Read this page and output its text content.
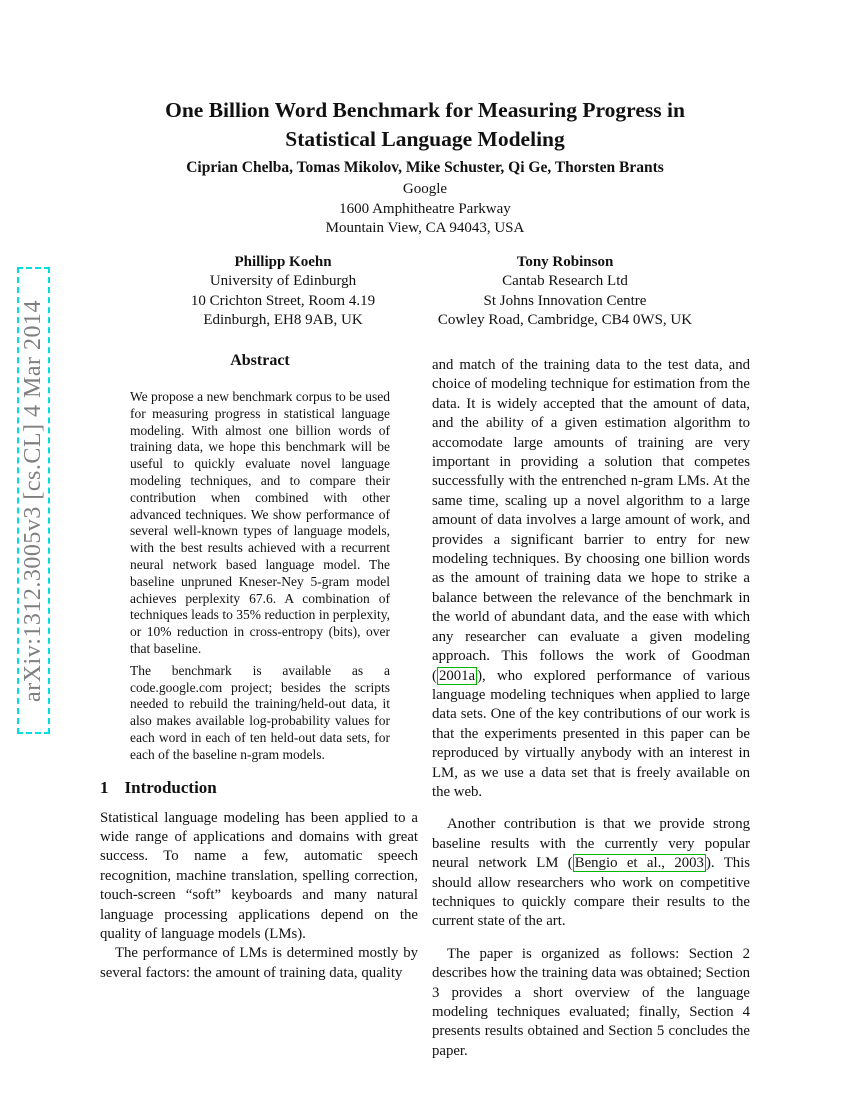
arXiv:1312.3005v3 [cs.CL] 4 Mar 2014
One Billion Word Benchmark for Measuring Progress in Statistical Language Modeling
Ciprian Chelba, Tomas Mikolov, Mike Schuster, Qi Ge, Thorsten Brants
Google
1600 Amphitheatre Parkway
Mountain View, CA 94043, USA
Phillipp Koehn
University of Edinburgh
10 Crichton Street, Room 4.19
Edinburgh, EH8 9AB, UK
Tony Robinson
Cantab Research Ltd
St Johns Innovation Centre
Cowley Road, Cambridge, CB4 0WS, UK
Abstract

We propose a new benchmark corpus to be used for measuring progress in statistical language modeling. With almost one billion words of training data, we hope this benchmark will be useful to quickly evaluate novel language modeling techniques, and to compare their contribution when combined with other advanced techniques. We show performance of several well-known types of language models, with the best results achieved with a recurrent neural network based language model. The baseline unpruned Kneser-Ney 5-gram model achieves perplexity 67.6. A combination of techniques leads to 35% reduction in perplexity, or 10% reduction in cross-entropy (bits), over that baseline.

The benchmark is available as a code.google.com project; besides the scripts needed to rebuild the training/held-out data, it also makes available log-probability values for each word in each of ten held-out data sets, for each of the baseline n-gram models.

1 Introduction

Statistical language modeling has been applied to a wide range of applications and domains with great success. To name a few, automatic speech recognition, machine translation, spelling correction, touch-screen “soft” keyboards and many natural language processing applications depend on the quality of language models (LMs).

The performance of LMs is determined mostly by several factors: the amount of training data, quality

and match of the training data to the test data, and choice of modeling technique for estimation from the data. It is widely accepted that the amount of data, and the ability of a given estimation algorithm to accomodate large amounts of training are very important in providing a solution that competes successfully with the entrenched n-gram LMs. At the same time, scaling up a novel algorithm to a large amount of data involves a large amount of work, and provides a significant barrier to entry for new modeling techniques. By choosing one billion words as the amount of training data we hope to strike a balance between the relevance of the benchmark in the world of abundant data, and the ease with which any researcher can evaluate a given modeling approach. This follows the work of Goodman ( 2001a ), who explored performance of various language modeling techniques when applied to large data sets. One of the key contributions of our work is that the experiments presented in this paper can be reproduced by virtually anybody with an interest in LM, as we use a data set that is freely available on the web.

Another contribution is that we provide strong baseline results with the currently very popular neural network LM ( Bengio et al., 2003 ). This should allow researchers who work on competitive techniques to quickly compare their results to the current state of the art.

The paper is organized as follows: Section 2 describes how the training data was obtained; Section 3 provides a short overview of the language modeling techniques evaluated; finally, Section 4 presents results obtained and Section 5 concludes the paper.
